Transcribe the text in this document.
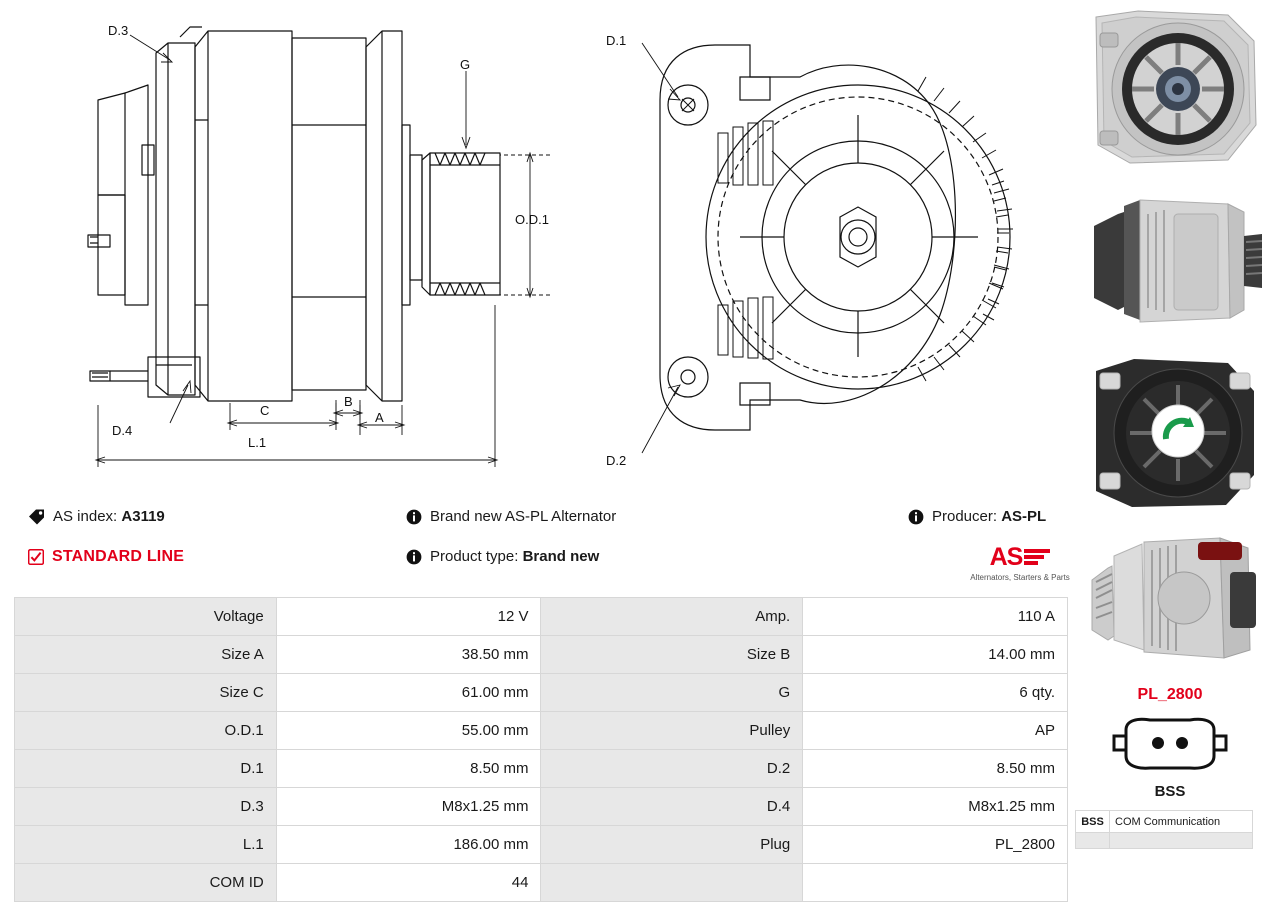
D.3
G
O.D.1
D.4
C
B
A
L.1
D.1
D.2
AS index:
A3119
STANDARD LINE
Brand new AS-PL Alternator
Product type:
Brand new
Producer:
AS-PL
AS
Alternators, Starters & Parts
Voltage	12 V	Amp.	110 A
Size A	38.50 mm	Size B	14.00 mm
Size C	61.00 mm	G	6 qty.
O.D.1	55.00 mm	Pulley	AP
D.1	8.50 mm	D.2	8.50 mm
D.3	M8x1.25 mm	D.4	M8x1.25 mm
L.1	186.00 mm	Plug	PL_2800
COM ID	44		
PL_2800
BSS
BSS	COM Communication
